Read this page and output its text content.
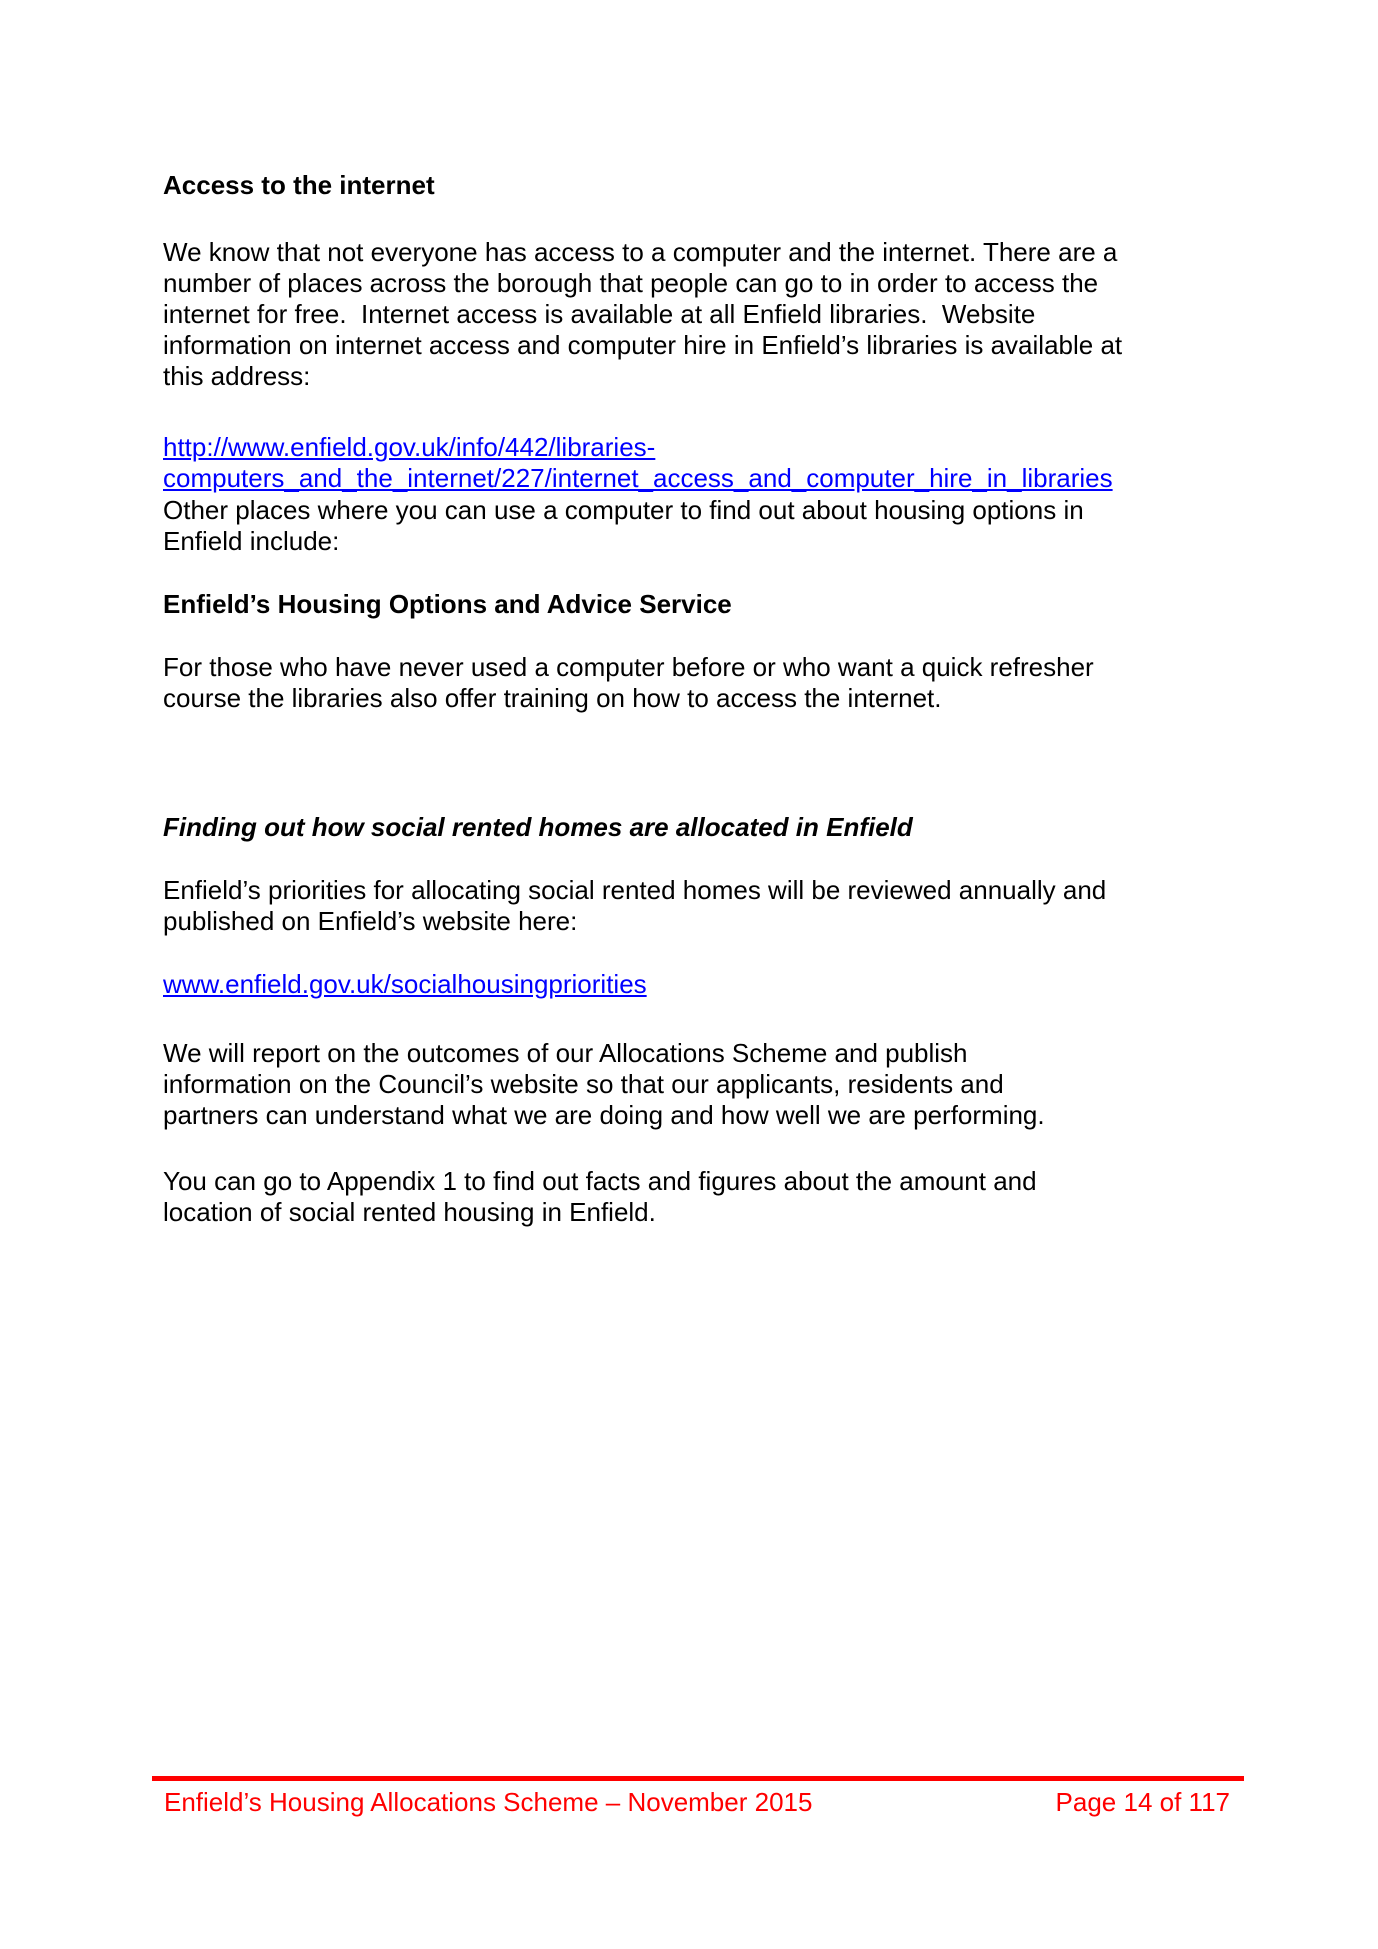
Access to the internet
We know that not everyone has access to a computer and the internet. There are a
number of places across the borough that people can go to in order to access the
internet for free.  Internet access is available at all Enfield libraries.  Website
information on internet access and computer hire in Enfield’s libraries is available at
this address:
http://www.enfield.gov.uk/info/442/libraries-
computers_and_the_internet/227/internet_access_and_computer_hire_in_libraries
Other places where you can use a computer to find out about housing options in
Enfield include:
Enfield’s Housing Options and Advice Service
For those who have never used a computer before or who want a quick refresher
course the libraries also offer training on how to access the internet.
Finding out how social rented homes are allocated in Enfield
Enfield’s priorities for allocating social rented homes will be reviewed annually and
published on Enfield’s website here:
www.enfield.gov.uk/socialhousingpriorities
We will report on the outcomes of our Allocations Scheme and publish
information on the Council’s website so that our applicants, residents and
partners can understand what we are doing and how well we are performing.
You can go to Appendix 1 to find out facts and figures about the amount and
location of social rented housing in Enfield.
Enfield’s Housing Allocations Scheme – November 2015	Page 14 of 117
